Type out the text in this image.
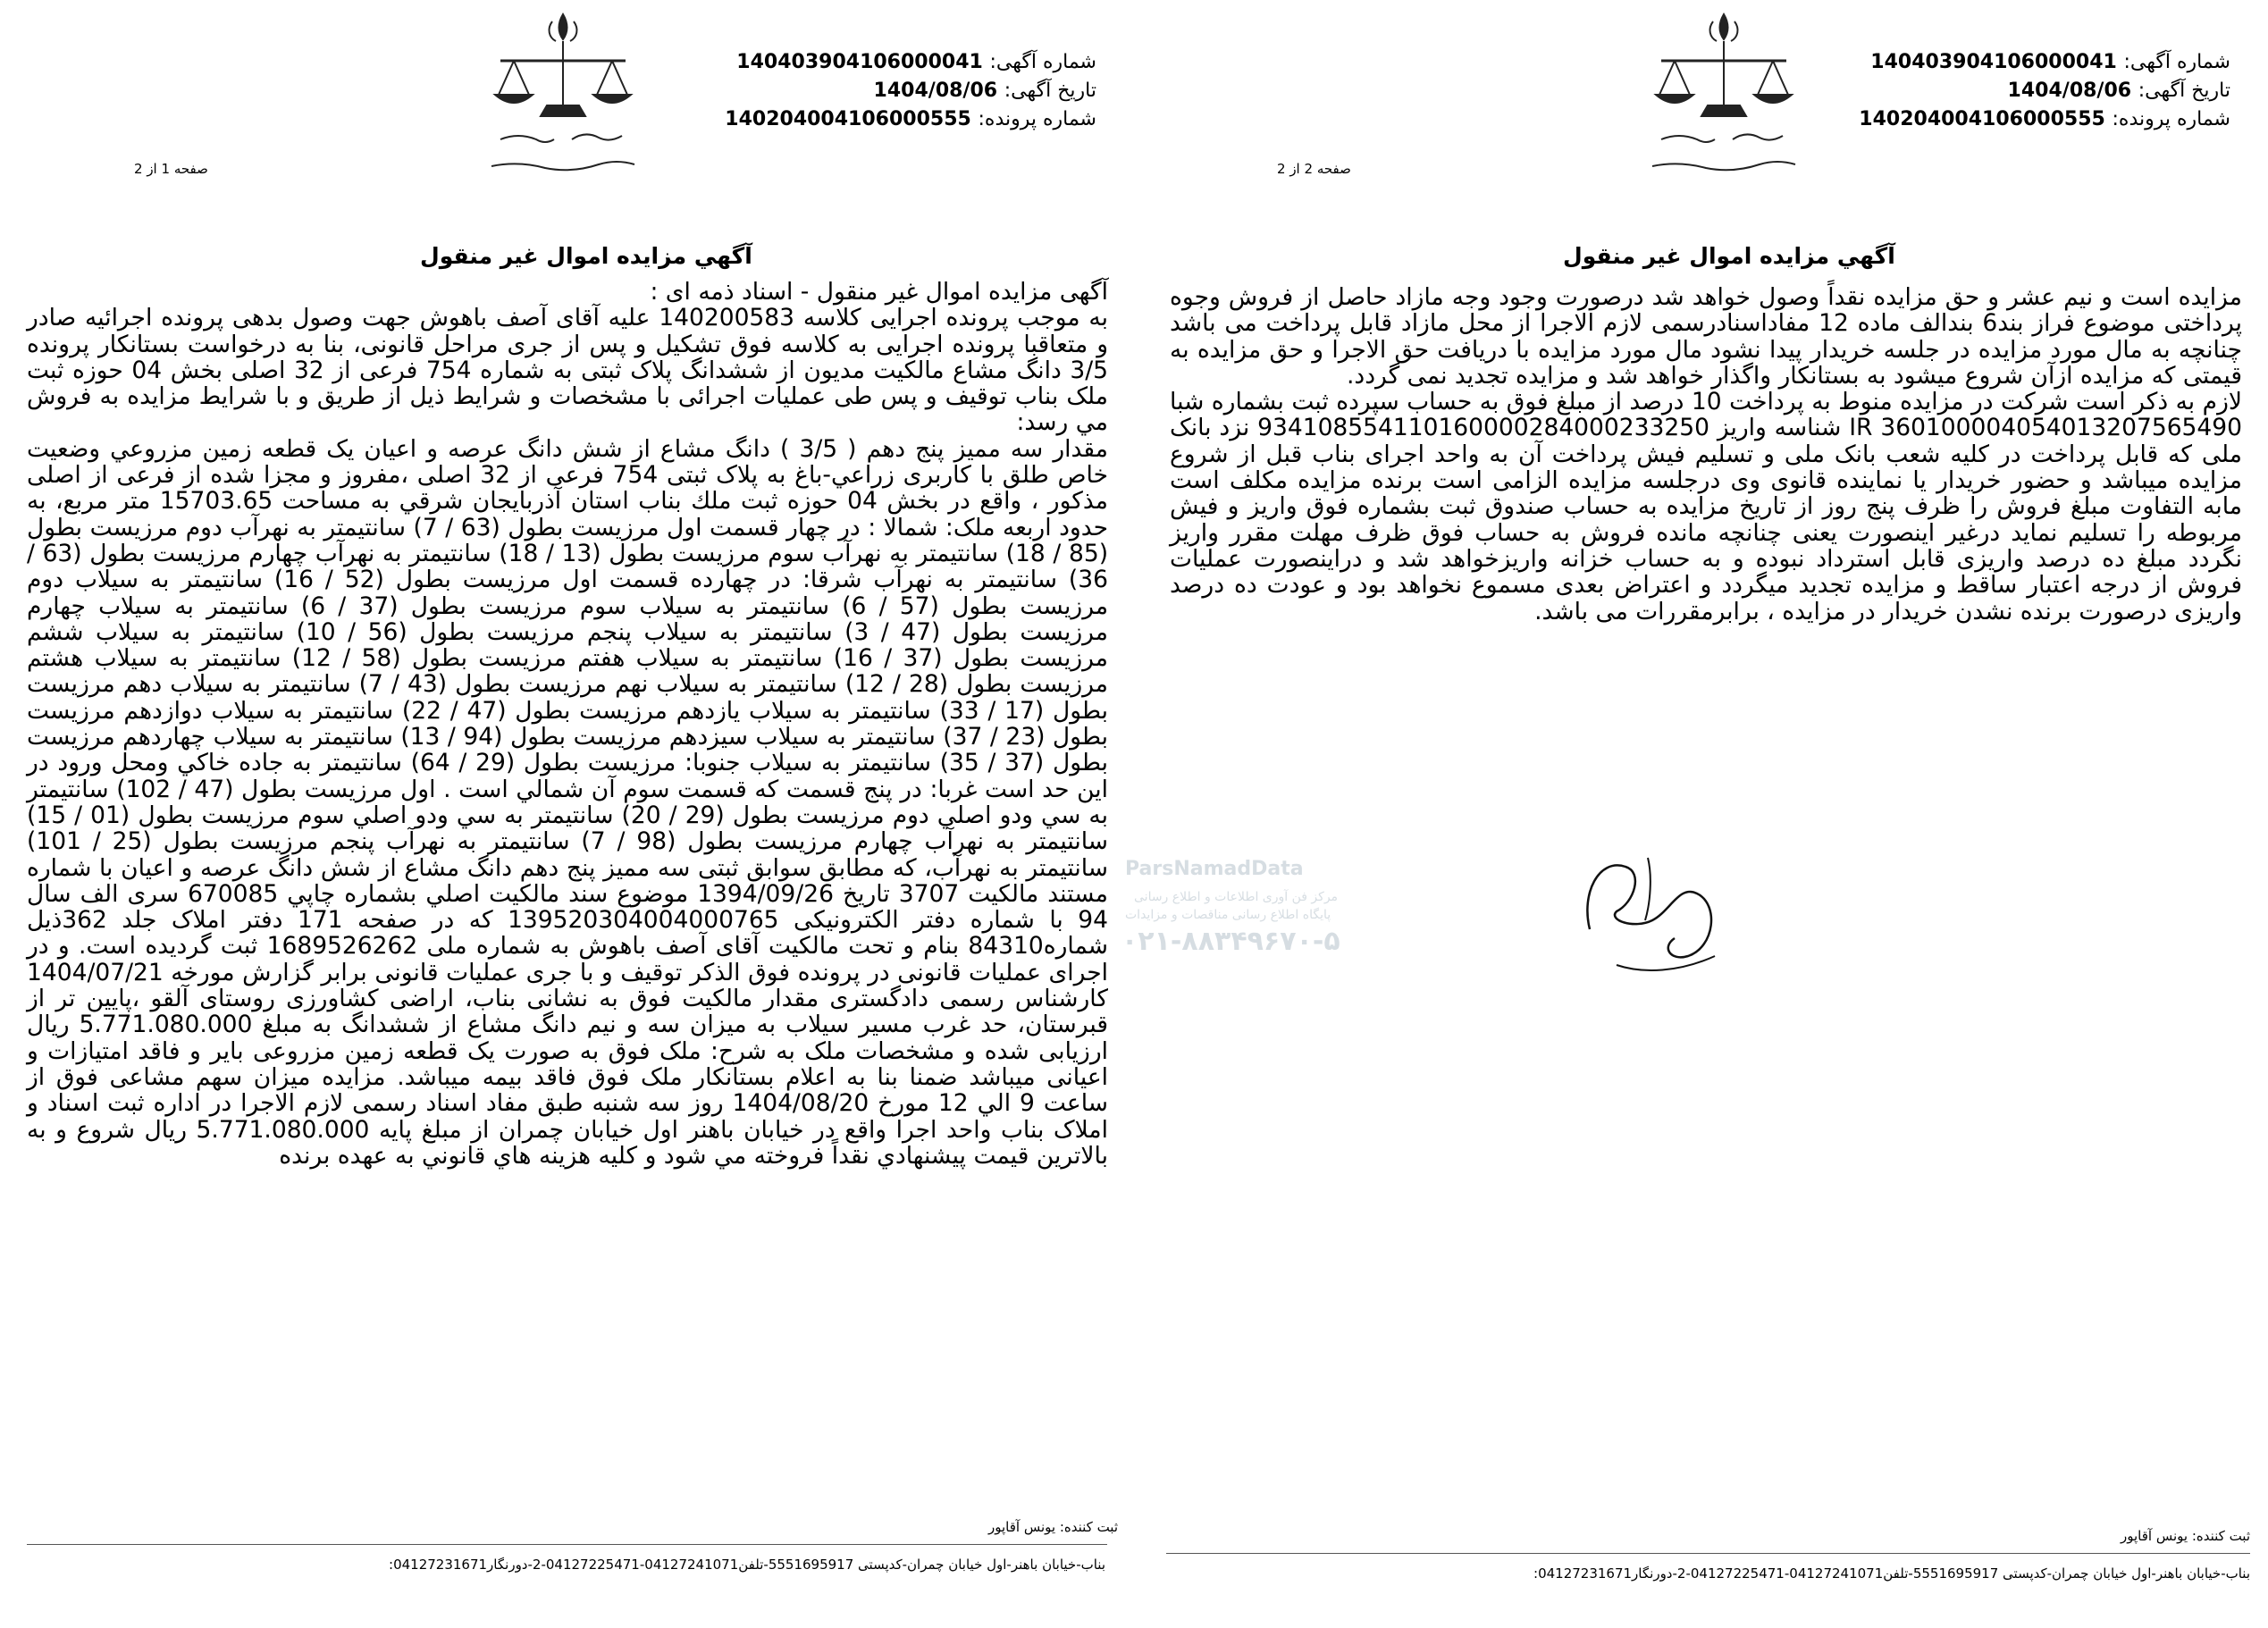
شماره آگهی: 140403904106000041
تاریخ آگهی: 1404/08/06
شماره پرونده: 140204004106000555
صفحه 1 از 2
آگهي مزايده اموال غير منقول

آگهی مزایده اموال غیر منقول - اسناد ذمه ای :

به موجب پرونده اجرایی کلاسه 140200583 علیه آقای آصف باهوش جهت وصول بدهی پرونده اجرائیه صادر و متعاقبا پرونده اجرایی به کلاسه فوق تشکیل و پس از جری مراحل قانونی، بنا به درخواست بستانکار پرونده 3/5 دانگ مشاع مالکیت مدیون از ششدانگ پلاک ثبتی به شماره 754 فرعی از 32 اصلی بخش 04 حوزه ثبت ملک بناب توقیف و پس طی عملیات اجرائی با مشخصات و شرایط ذیل از طریق و با شرایط مزایده به فروش مي رسد:

مقدار سه مميز پنج دهم ( 3/5 ) دانگ مشاع از شش دانگ عرصه و اعيان یک قطعه زمين مزروعي وضعيت خاص طلق با کاربری زراعي-باغ به پلاک ثبتی 754 فرعی از 32 اصلی ،مفروز و مجزا شده از فرعی از اصلی مذکور ، واقع در بخش 04 حوزه ثبت ملك بناب استان آذربایجان شرقي به مساحت 15703.65 متر مربع، به حدود اربعه ملک: شمالا : در چهار قسمت اول مرزيست بطول (63 / 7) سانتيمتر به نهرآب دوم مرزيست بطول (85 / 18) سانتيمتر به نهرآب سوم مرزيست بطول (13 / 18) سانتيمتر به نهرآب چهارم مرزيست بطول (63 / 36) سانتيمتر به نهرآب شرقا: در چهارده قسمت اول مرزيست بطول (52 / 16) سانتيمتر به سيلاب دوم مرزيست بطول (57 / 6) سانتيمتر به سيلاب سوم مرزيست بطول (37 / 6) سانتيمتر به سيلاب چهارم مرزيست بطول (47 / 3) سانتيمتر به سيلاب پنجم مرزيست بطول (56 / 10) سانتيمتر به سيلاب ششم مرزيست بطول (37 / 16) سانتيمتر به سيلاب هفتم مرزيست بطول (58 / 12) سانتيمتر به سيلاب هشتم مرزيست بطول (28 / 12) سانتيمتر به سيلاب نهم مرزيست بطول (43 / 7) سانتيمتر به سيلاب دهم مرزيست بطول (17 / 33) سانتيمتر به سيلاب يازدهم مرزيست بطول (47 / 22) سانتيمتر به سيلاب دوازدهم مرزيست بطول (23 / 37) سانتيمتر به سيلاب سيزدهم مرزيست بطول (94 / 13) سانتيمتر به سيلاب چهاردهم مرزيست بطول (37 / 35) سانتيمتر به سيلاب جنوبا: مرزيست بطول (29 / 64) سانتيمتر به جاده خاكي ومحل ورود در اين حد است غربا: در پنج قسمت که قسمت سوم آن شمالي است . اول مرزيست بطول (47 / 102) سانتيمتر به سي ودو اصلي دوم مرزيست بطول (29 / 20) سانتيمتر به سي ودو اصلي سوم مرزيست بطول (01 / 15) سانتيمتر به نهرآب چهارم مرزيست بطول (98 / 7) سانتيمتر به نهرآب پنجم مرزيست بطول (25 / 101) سانتيمتر به نهرآب، که مطابق سوابق ثبتی سه مميز پنج دهم دانگ مشاع از شش دانگ عرصه و اعيان با شماره مستند مالکيت 3707 تاريخ 1394/09/26 موضوع سند مالکيت اصلي بشماره چاپي 670085 سری الف سال 94 با شماره دفتر الکترونيکی 139520304004000765 که در صفحه 171 دفتر املاک جلد 362ذيل شماره84310 بنام و تحت مالکيت آقای آصف باهوش به شماره ملی 1689526262 ثبت گرديده است. و در اجرای عمليات قانونی در پرونده فوق الذکر توقيف و با جری عمليات قانونی برابر گزارش مورخه 1404/07/21 کارشناس رسمی دادگستری مقدار مالکيت فوق به نشانی بناب، اراضی کشاورزی روستای آلقو ،پايين تر از قبرستان، حد غرب مسير سيلاب به ميزان سه و نيم دانگ مشاع از ششدانگ به مبلغ 5.771.080.000 ريال ارزيابی شده و مشخصات ملک به شرح: ملک فوق به صورت يک قطعه زمين مزروعی باير و فاقد امتيازات و اعيانی ميباشد ضمنا بنا به اعلام بستانکار ملک فوق فاقد بيمه ميباشد. مزايده ميزان سهم مشاعی فوق از ساعت 9 الي 12 مورخ 1404/08/20 روز سه شنبه طبق مفاد اسناد رسمی لازم الاجرا در اداره ثبت اسناد و املاک بناب واحد اجرا واقع در خيابان باهنر اول خيابان چمران از مبلغ پايه 5.771.080.000 ريال شروع و به بالاترين قيمت پيشنهادي نقداً فروخته مي شود و کليه هزينه هاي قانوني به عهده برنده

ثبت کننده: یونس آقاپور
بناب-خیابان باهنر-اول خیابان چمران-کدپستی 5551695917-تلفن04127241071-04127225471-2-دورنگار04127231671:
شماره آگهی: 140403904106000041
تاریخ آگهی: 1404/08/06
شماره پرونده: 140204004106000555
صفحه 2 از 2
آگهي مزايده اموال غير منقول

مزايده است و نيم عشر و حق مزايده نقداً وصول خواهد شد درصورت وجود وجه مازاد حاصل از فروش وجوه پرداختی موضوع فراز بند6 بندالف ماده 12 مفاداسنادرسمی لازم الاجرا از محل مازاد قابل پرداخت می باشد چنانچه به مال مورد مزايده در جلسه خريدار پيدا نشود مال مورد مزايده با دريافت حق الاجرا و حق مزايده به قيمتی که مزايده ازآن شروع ميشود به بستانکار واگذار خواهد شد و مزايده تجديد نمی گردد.

لازم به ذکر است شرکت در مزايده منوط به پرداخت 10 درصد از مبلغ فوق به حساب سپرده ثبت بشماره شبا IR 360100004054013207565490 شناسه واريز 934108554110160000284000233250 نزد بانک ملی که قابل پرداخت در کليه شعب بانک ملی و تسليم فيش پرداخت آن به واحد اجرای بناب قبل از شروع مزايده ميباشد و حضور خريدار يا نماينده قانوی وی درجلسه مزايده الزامی است برنده مزايده مکلف است مابه التفاوت مبلغ فروش را ظرف پنج روز از تاريخ مزايده به حساب صندوق ثبت بشماره فوق واريز و فيش مربوطه را تسليم نمايد درغير اينصورت يعنی چنانچه مانده فروش به حساب فوق ظرف مهلت مقرر واريز نگردد مبلغ ده درصد واريزی قابل استرداد نبوده و به حساب خزانه واريزخواهد شد و دراينصورت عمليات فروش از درجه اعتبار ساقط و مزايده تجديد ميگردد و اعتراض بعدی مسموع نخواهد بود و عودت ده درصد واريزی درصورت برنده نشدن خريدار در مزايده ، برابرمقررات می باشد.

ParsNamadData
مرکز فن آوری اطلاعات و اطلاع رسانی
پایگاه اطلاع رسانی مناقصات و مزایدات
۰۲۱-۸۸۳۴۹۶۷۰-۵
ثبت کننده: یونس آقاپور
بناب-خیابان باهنر-اول خیابان چمران-کدپستی 5551695917-تلفن04127241071-04127225471-2-دورنگار04127231671:
